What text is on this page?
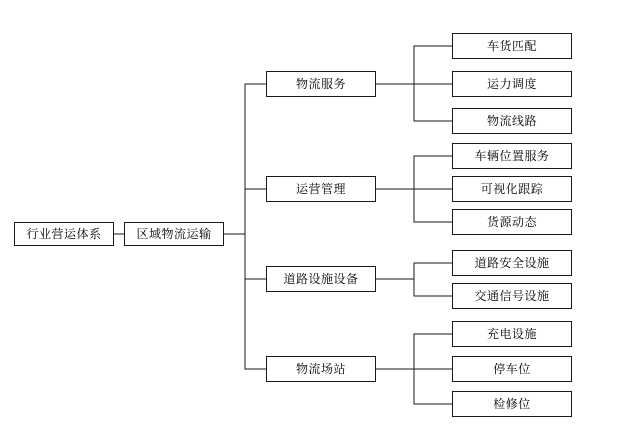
行业营运体系	区域物流运输
物流服务
运营管理
道路设施设备
物流场站
车货匹配
运力调度
物流线路
车辆位置服务
可视化跟踪
货源动态
道路安全设施
交通信号设施
充电设施
停车位
检修位
